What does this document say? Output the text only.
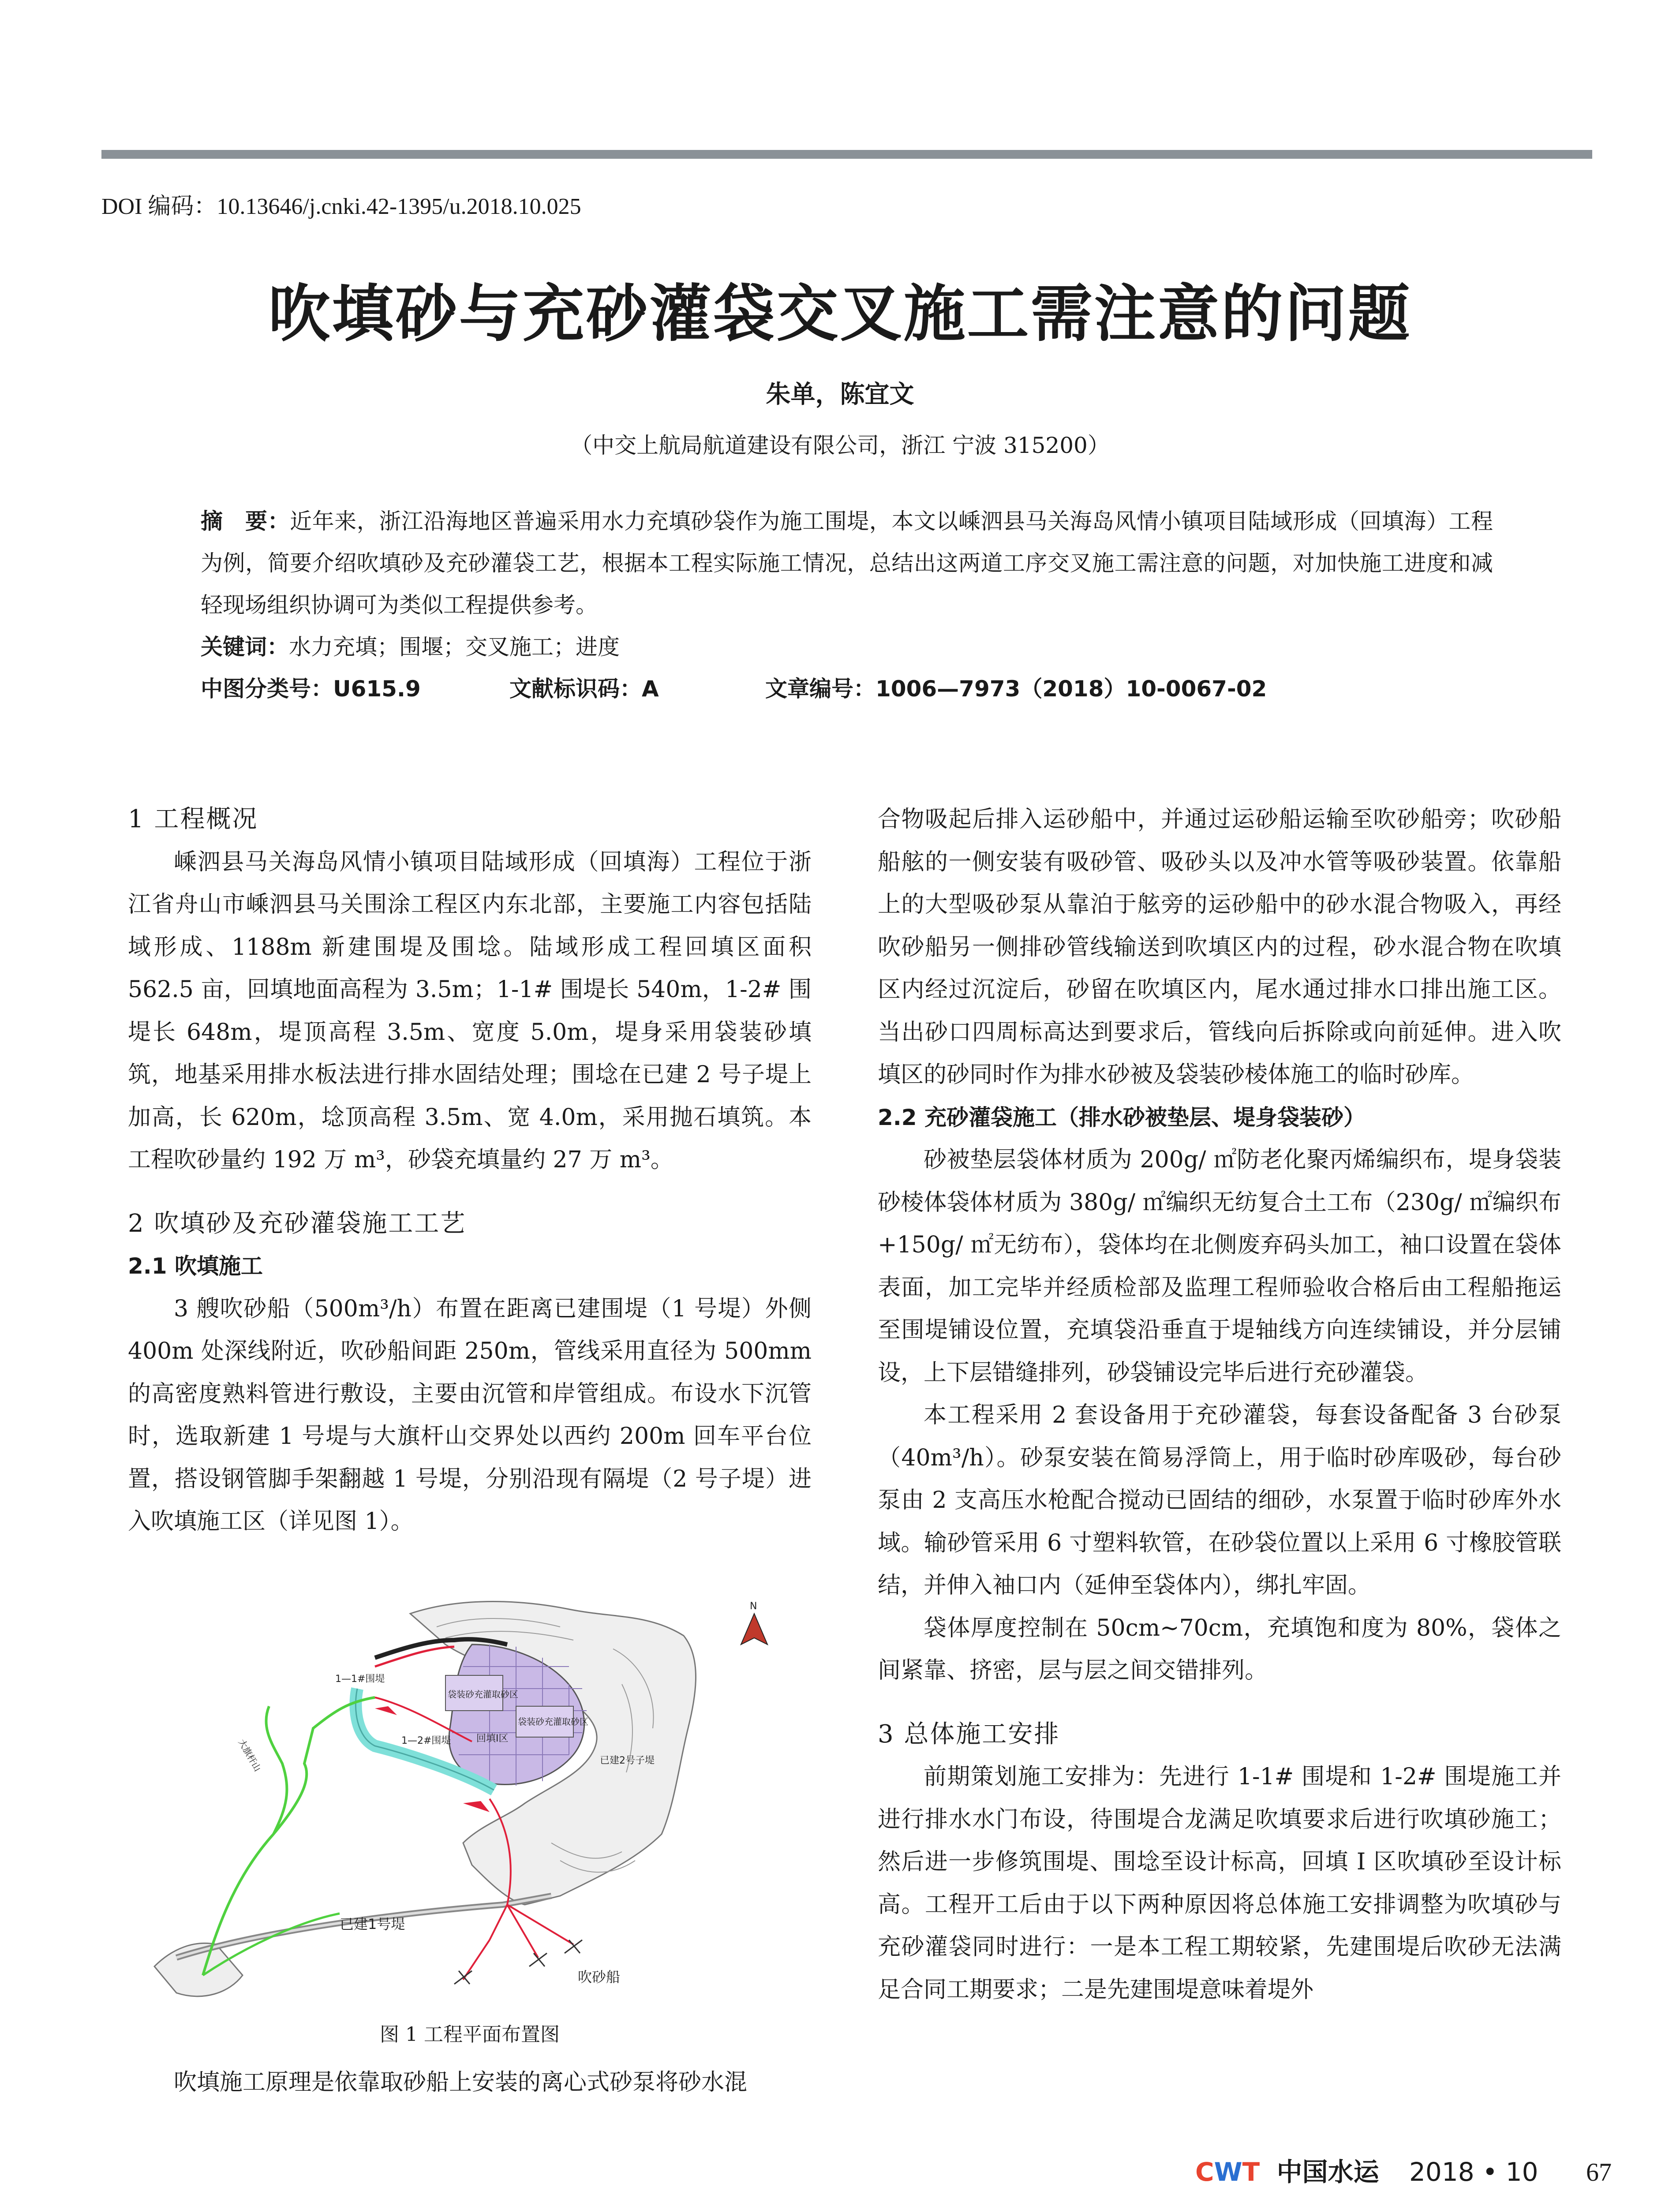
DOI 编码：10.13646/j.cnki.42-1395/u.2018.10.025
吹填砂与充砂灌袋交叉施工需注意的问题
朱单，陈宜文
（中交上航局航道建设有限公司，浙江 宁波 315200）
摘　要：近年来，浙江沿海地区普遍采用水力充填砂袋作为施工围堤，本文以嵊泗县马关海岛风情小镇项目陆域形成（回填海）工程为例，简要介绍吹填砂及充砂灌袋工艺，根据本工程实际施工情况，总结出这两道工序交叉施工需注意的问题，对加快施工进度和减轻现场组织协调可为类似工程提供参考。
关键词：水力充填；围堰；交叉施工；进度
中图分类号：U615.9	文献标识码：A	文章编号：1006—7973（2018）10-0067-02
1 工程概况

嵊泗县马关海岛风情小镇项目陆域形成（回填海）工程位于浙江省舟山市嵊泗县马关围涂工程区内东北部，主要施工内容包括陆域形成、1188m 新建围堤及围埝。陆域形成工程回填区面积 562.5 亩，回填地面高程为 3.5m；1-1# 围堤长 540m，1-2# 围堤长 648m，堤顶高程 3.5m、宽度 5.0m，堤身采用袋装砂填筑，地基采用排水板法进行排水固结处理；围埝在已建 2 号子堤上加高，长 620m，埝顶高程 3.5m、宽 4.0m，采用抛石填筑。本工程吹砂量约 192 万 m³，砂袋充填量约 27 万 m³。

2 吹填砂及充砂灌袋施工工艺
2.1 吹填施工

3 艘吹砂船（500m³/h）布置在距离已建围堤（1 号堤）外侧 400m 处深线附近，吹砂船间距 250m，管线采用直径为 500mm 的高密度熟料管进行敷设，主要由沉管和岸管组成。布设水下沉管时，选取新建 1 号堤与大旗杆山交界处以西约 200m 回车平台位置，搭设钢管脚手架翻越 1 号堤，分别沿现有隔堤（2 号子堤）进入吹填施工区（详见图 1）。

已建1号堤
吹砂船
1—1#围堤
1—2#围堤
袋装砂充灌取砂区
袋装砂充灌取砂区
回填Ⅰ区
已建2号子堤
大旗杆山
N
图 1 工程平面布置图

吹填施工原理是依靠取砂船上安装的离心式砂泵将砂水混

合物吸起后排入运砂船中，并通过运砂船运输至吹砂船旁；吹砂船船舷的一侧安装有吸砂管、吸砂头以及冲水管等吸砂装置。依靠船上的大型吸砂泵从靠泊于舷旁的运砂船中的砂水混合物吸入，再经吹砂船另一侧排砂管线输送到吹填区内的过程，砂水混合物在吹填区内经过沉淀后，砂留在吹填区内，尾水通过排水口排出施工区。当出砂口四周标高达到要求后，管线向后拆除或向前延伸。进入吹填区的砂同时作为排水砂被及袋装砂棱体施工的临时砂库。

2.2 充砂灌袋施工（排水砂被垫层、堤身袋装砂）

砂被垫层袋体材质为 200g/ ㎡防老化聚丙烯编织布，堤身袋装砂棱体袋体材质为 380g/ ㎡编织无纺复合土工布（230g/ ㎡编织布 +150g/ ㎡无纺布），袋体均在北侧废弃码头加工，袖口设置在袋体表面，加工完毕并经质检部及监理工程师验收合格后由工程船拖运至围堤铺设位置，充填袋沿垂直于堤轴线方向连续铺设，并分层铺设，上下层错缝排列，砂袋铺设完毕后进行充砂灌袋。

本工程采用 2 套设备用于充砂灌袋，每套设备配备 3 台砂泵（40m³/h）。砂泵安装在简易浮筒上，用于临时砂库吸砂，每台砂泵由 2 支高压水枪配合搅动已固结的细砂，水泵置于临时砂库外水域。输砂管采用 6 寸塑料软管，在砂袋位置以上采用 6 寸橡胶管联结，并伸入袖口内（延伸至袋体内），绑扎牢固。

袋体厚度控制在 50cm~70cm，充填饱和度为 80%，袋体之间紧靠、挤密，层与层之间交错排列。

3 总体施工安排

前期策划施工安排为：先进行 1-1# 围堤和 1-2# 围堤施工并进行排水水门布设，待围堤合龙满足吹填要求后进行吹填砂施工；然后进一步修筑围堤、围埝至设计标高，回填 I 区吹填砂至设计标高。工程开工后由于以下两种原因将总体施工安排调整为吹填砂与充砂灌袋同时进行：一是本工程工期较紧，先建围堤后吹砂无法满足合同工期要求；二是先建围堤意味着堤外

CWT 中国水运 2018 • 10 67
